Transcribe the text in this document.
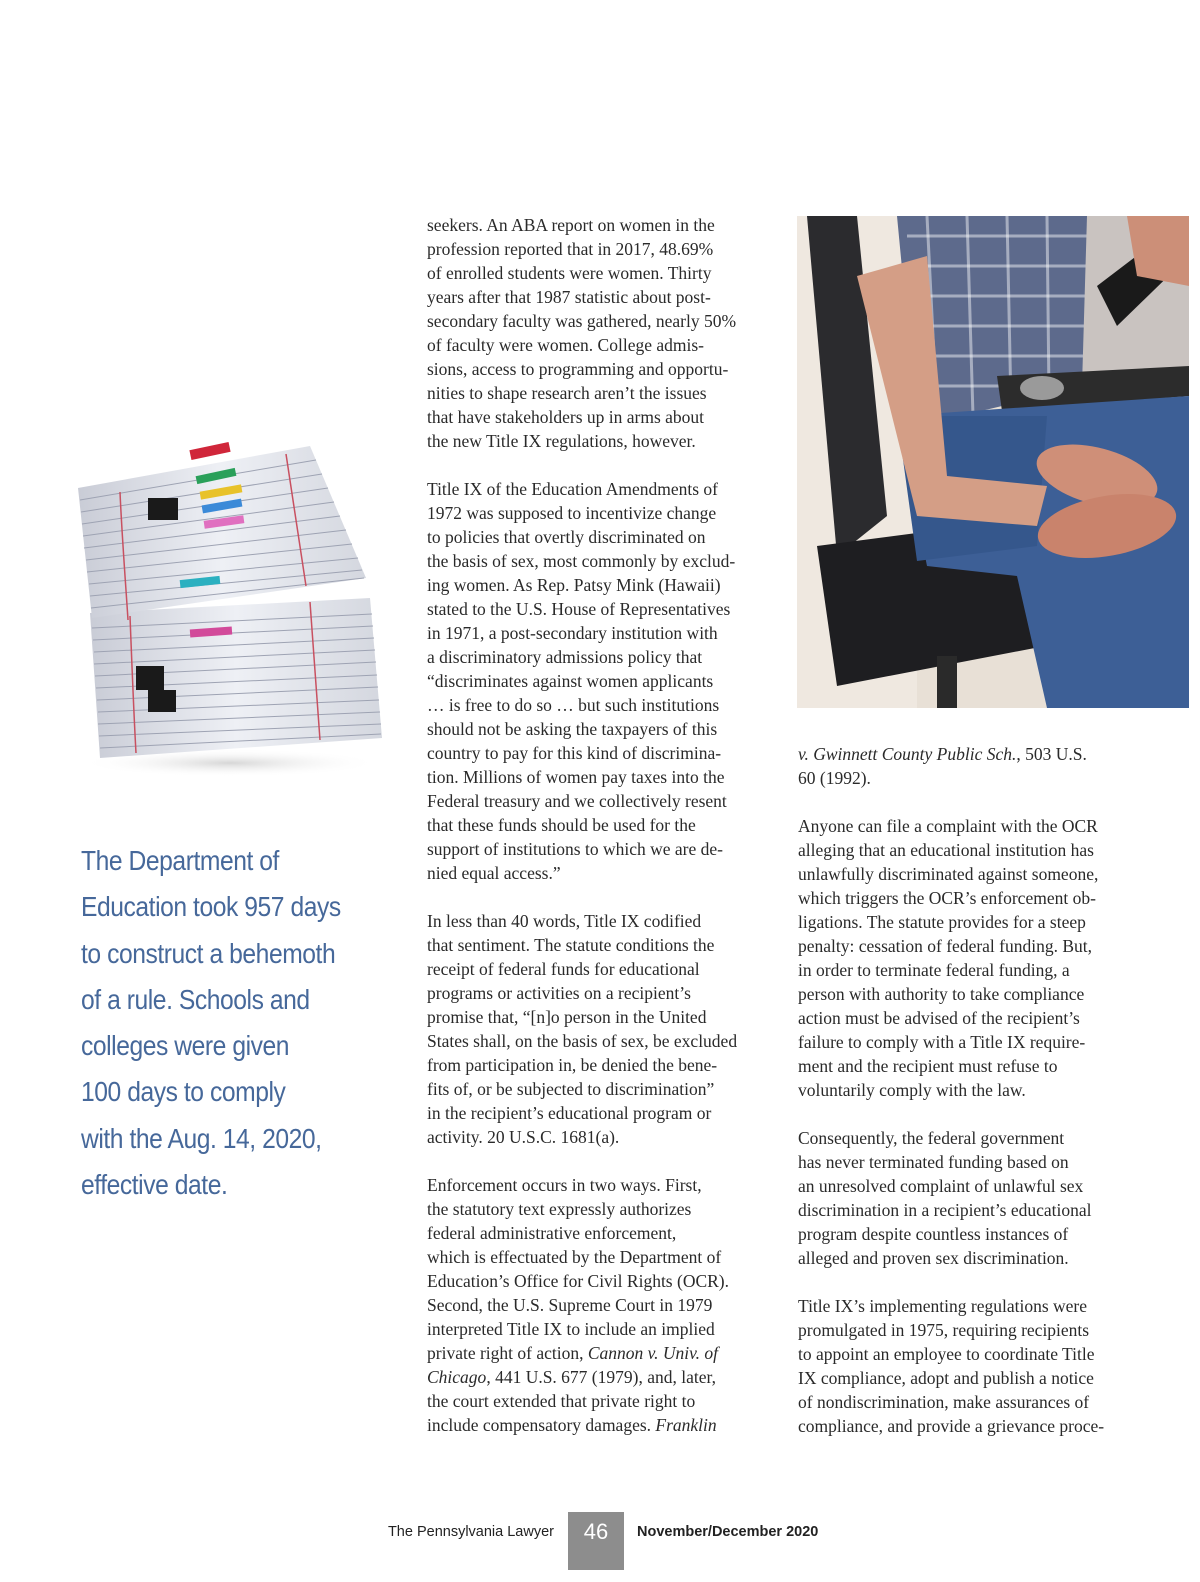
The Department of
Education took 957 days
to construct a behemoth
of a rule. Schools and
colleges were given
100 days to comply
with the Aug. 14, 2020,
effective date.

seekers. An ABA report on women in the
profession reported that in 2017, 48.69%
of enrolled students were women. Thirty
years after that 1987 statistic about post-
secondary faculty was gathered, nearly 50%
of faculty were women. College admis-
sions, access to programming and opportu-
nities to shape research aren’t the issues
that have stakeholders up in arms about
the new Title IX regulations, however.

Title IX of the Education Amendments of
1972 was supposed to incentivize change
to policies that overtly discriminated on
the basis of sex, most commonly by exclud-
ing women. As Rep. Patsy Mink (Hawaii)
stated to the U.S. House of Representatives
in 1971, a post-secondary institution with
a discriminatory admissions policy that
“discriminates against women applicants
… is free to do so … but such institutions
should not be asking the taxpayers of this
country to pay for this kind of discrimina-
tion. Millions of women pay taxes into the
Federal treasury and we collectively resent
that these funds should be used for the
support of institutions to which we are de-
nied equal access.”

In less than 40 words, Title IX codified
that sentiment. The statute conditions the
receipt of federal funds for educational
programs or activities on a recipient’s
promise that, “[n]o person in the United
States shall, on the basis of sex, be excluded
from participation in, be denied the bene-
fits of, or be subjected to discrimination”
in the recipient’s educational program or
activity. 20 U.S.C. 1681(a).

Enforcement occurs in two ways. First,
the statutory text expressly authorizes
federal administrative enforcement,
which is effectuated by the Department of
Education’s Office for Civil Rights (OCR).
Second, the U.S. Supreme Court in 1979
interpreted Title IX to include an implied
private right of action, Cannon v. Univ. of
Chicago, 441 U.S. 677 (1979), and, later,
the court extended that private right to
include compensatory damages. Franklin

v. Gwinnett County Public Sch., 503 U.S.
60 (1992).

Anyone can file a complaint with the OCR
alleging that an educational institution has
unlawfully discriminated against someone,
which triggers the OCR’s enforcement ob-
ligations. The statute provides for a steep
penalty: cessation of federal funding. But,
in order to terminate federal funding, a
person with authority to take compliance
action must be advised of the recipient’s
failure to comply with a Title IX require-
ment and the recipient must refuse to
voluntarily comply with the law.

Consequently, the federal government
has never terminated funding based on
an unresolved complaint of unlawful sex
discrimination in a recipient’s educational
program despite countless instances of
alleged and proven sex discrimination.

Title IX’s implementing regulations were
promulgated in 1975, requiring recipients
to appoint an employee to coordinate Title
IX compliance, adopt and publish a notice
of nondiscrimination, make assurances of
compliance, and provide a grievance proce-

The Pennsylvania Lawyer	46	November/December 2020
